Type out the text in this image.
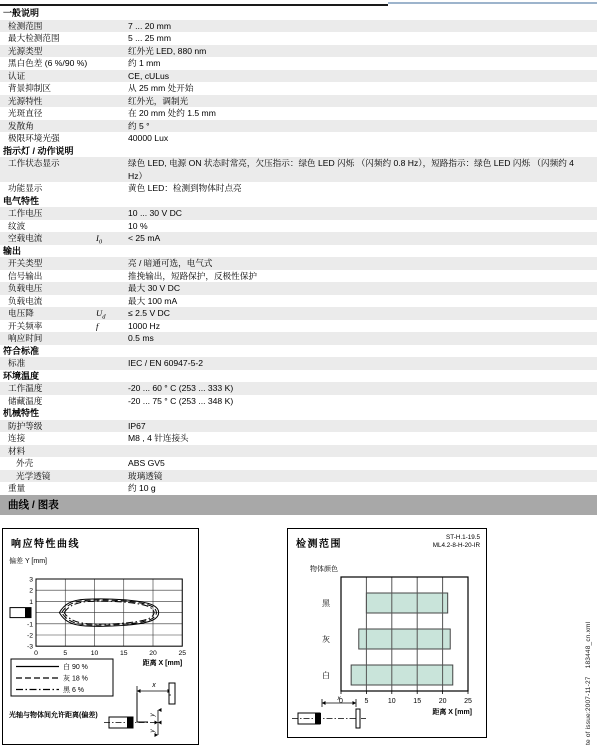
一般说明
检测范围	7 ... 20 mm
最大检测范围	5 ... 25 mm
光源类型	红外光 LED, 880 nm
黑白色差 (6 %/90 %)	约 1 mm
认证	CE, cULus
背景抑制区	从 25 mm 处开始
光源特性	红外光，调制光
光斑直径	在 20 mm 处约 1.5 mm
发散角	约 5 °
极限环境光强	40000 Lux
指示灯 / 动作说明
工作状态显示	绿色 LED, 电源 ON 状态时常亮，欠压指示：绿色 LED 闪烁 （闪频约 0.8 Hz），短路指示：绿色 LED 闪烁 （闪频约 4 Hz）
功能显示	黄色 LED：检测到物体时点亮
电气特性
工作电压	10 ... 30 V DC
纹波	10 %
空载电流	$I_0$	< 25 mA
输出
开关类型	亮 / 暗通可选，电气式
信号输出	推挽输出，短路保护，反极性保护
负载电压	最大 30 V DC
负载电流	最大 100 mA
电压降	$U_d$	≤ 2.5 V DC
开关频率	f	1000 Hz
响应时间	0.5 ms
符合标准
标准	IEC / EN 60947-5-2
环境温度
工作温度	-20 ... 60 ° C (253 ... 333 K)
储藏温度	-20 ... 75 ° C (253 ... 348 K)
机械特性
防护等级	IP67
连接	M8 , 4 针连接头
材料
外壳	ABS GV5
光学透镜	玻璃透镜
重量	约 10 g
曲线 / 图表
响应特性曲线
偏差 Y [mm]
3
2
1
-1
-2
-3
0	5	10	15	20	25
距离 X [mm]
白 90 %
灰 18 %
黑 6 %
光轴与物体间允许距离(偏差)
x
y
y
检测范围
ST-H.1-19.5
ML4.2-8-H-20-IR
物体颜色
黑
灰
白
0	5	10	15	20	25
距离 X [mm]
x	te of issue:2007-11-27    183448_cn.xml
